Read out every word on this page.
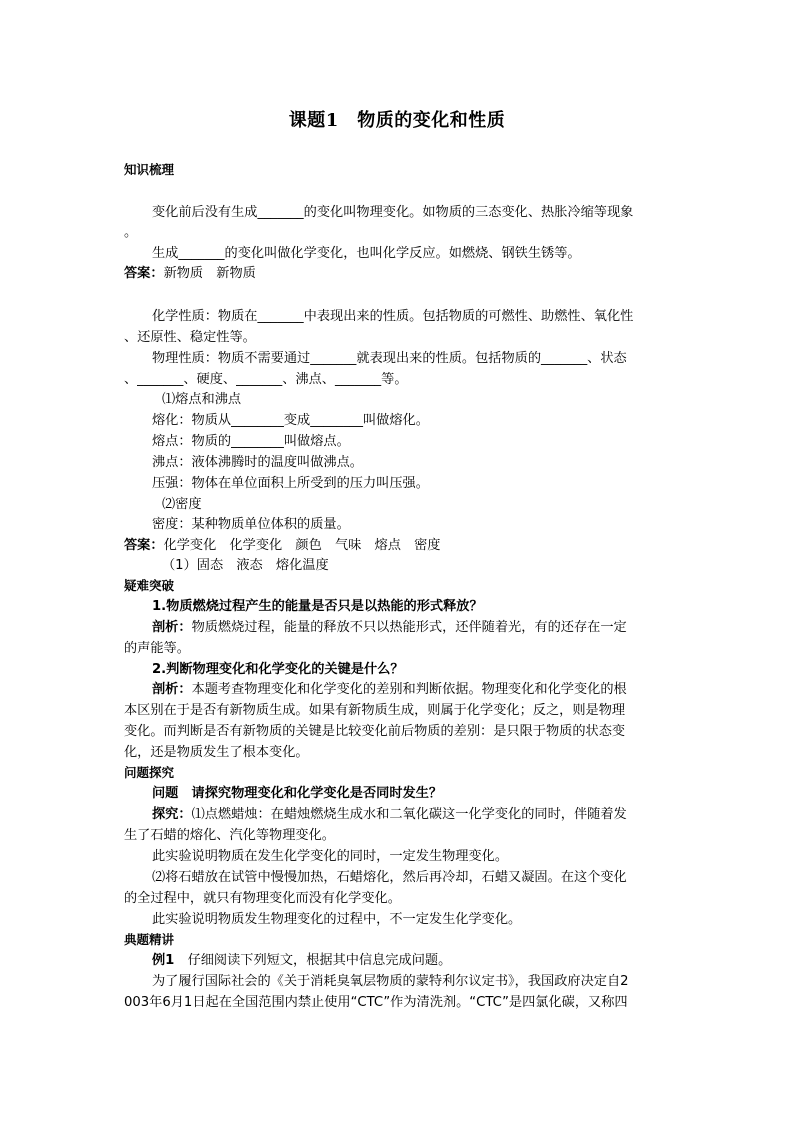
课题1　物质的变化和性质
知识梳理
变化前后没有生成_______的变化叫物理变化。如物质的三态变化、热胀冷缩等现象
。
生成_______的变化叫做化学变化，也叫化学反应。如燃烧、钢铁生锈等。
答案：新物质　新物质
化学性质：物质在_______中表现出来的性质。包括物质的可燃性、助燃性、氧化性
、还原性、稳定性等。
物理性质：物质不需要通过_______就表现出来的性质。包括物质的_______、状态
、_______、硬度、_______、沸点、_______等。
⑴熔点和沸点
熔化：物质从________变成________叫做熔化。
熔点：物质的________叫做熔点。
沸点：液体沸腾时的温度叫做沸点。
压强：物体在单位面积上所受到的压力叫压强。
⑵密度
密度：某种物质单位体积的质量。
答案：化学变化　化学变化　颜色　气味　熔点　密度
（1）固态　液态　熔化温度
疑难突破
1.物质燃烧过程产生的能量是否只是以热能的形式释放？
剖析：物质燃烧过程，能量的释放不只以热能形式，还伴随着光，有的还存在一定
的声能等。
2.判断物理变化和化学变化的关键是什么？
剖析：本题考查物理变化和化学变化的差别和判断依据。物理变化和化学变化的根
本区别在于是否有新物质生成。如果有新物质生成，则属于化学变化；反之，则是物理
变化。而判断是否有新物质的关键是比较变化前后物质的差别：是只限于物质的状态变
化，还是物质发生了根本变化。
问题探究
问题　请探究物理变化和化学变化是否同时发生？
探究：⑴点燃蜡烛：在蜡烛燃烧生成水和二氧化碳这一化学变化的同时，伴随着发
生了石蜡的熔化、汽化等物理变化。
此实验说明物质在发生化学变化的同时，一定发生物理变化。
⑵将石蜡放在试管中慢慢加热，石蜡熔化，然后再冷却，石蜡又凝固。在这个变化
的全过程中，就只有物理变化而没有化学变化。
此实验说明物质发生物理变化的过程中，不一定发生化学变化。
典题精讲
例1　 仔细阅读下列短文，根据其中信息完成问题。
为了履行国际社会的《关于消耗臭氧层物质的蒙特利尔议定书》，我国政府决定自2
003年6月1日起在全国范围内禁止使用“CTC”作为清洗剂。“CTC”是四氯化碳，又称四
